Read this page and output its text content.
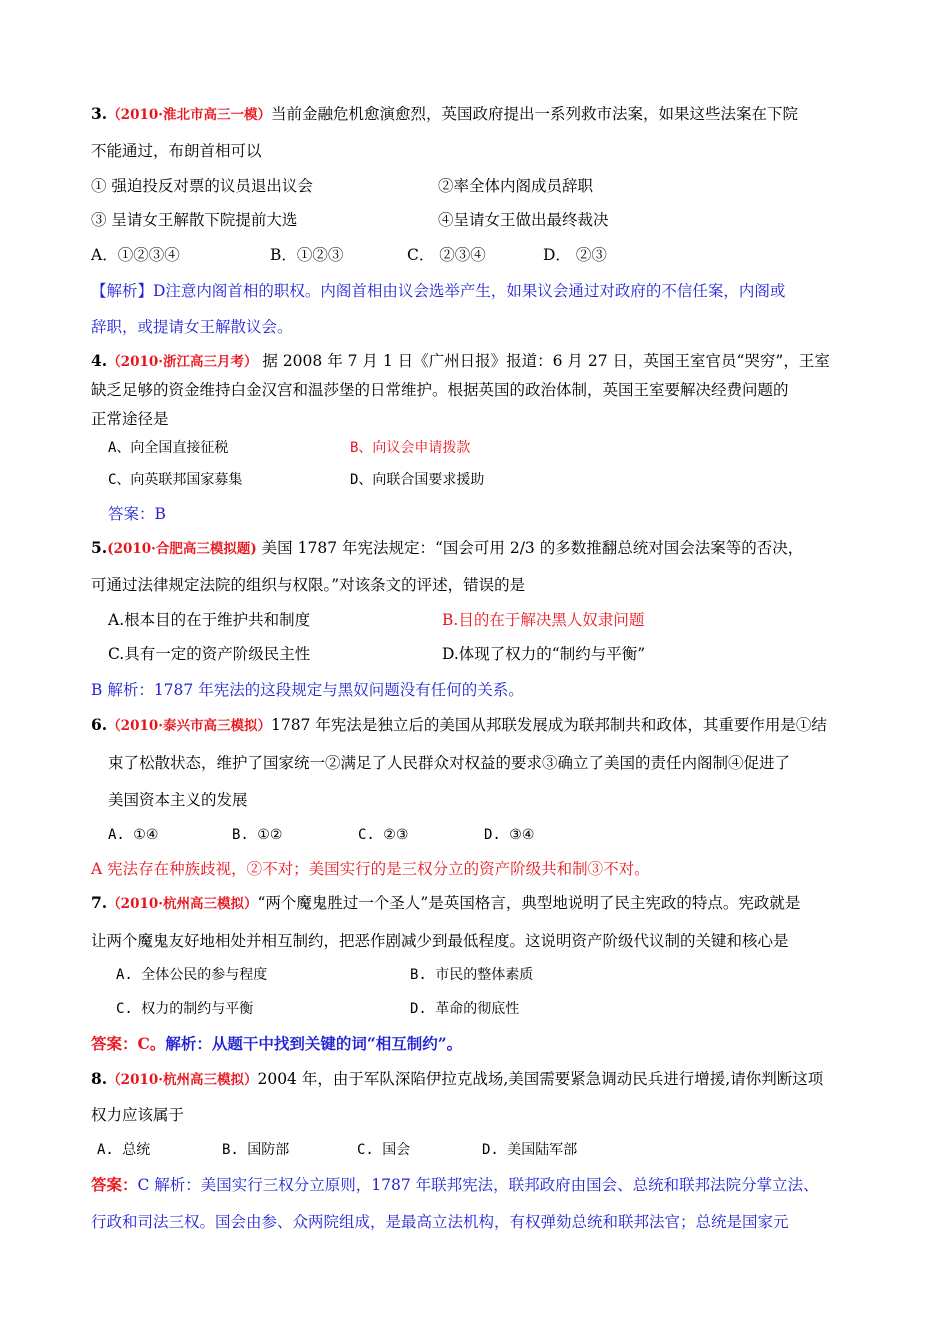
3.（2010·淮北市高三一模）当前金融危机愈演愈烈，英国政府提出一系列救市法案，如果这些法案在下院
不能通过，布朗首相可以
① 强迫投反对票的议员退出议会	②率全体内阁成员辞职
③ 呈请女王解散下院提前大选	④呈请女王做出最终裁决
A．①②③④	B．①②③	C． ②③④	D． ②③
【解析】D注意内阁首相的职权。内阁首相由议会选举产生，如果议会通过对政府的不信任案，内阁或
辞职，或提请女王解散议会。
4.（2010·浙江高三月考） 据 2008 年 7 月 1 日《广州日报》报道：6 月 27 日，英国王室官员“哭穷”，王室
缺乏足够的资金维持白金汉宫和温莎堡的日常维护。根据英国的政治体制，英国王室要解决经费问题的
正常途径是
A、向全国直接征税	B、向议会申请拨款
C、向英联邦国家募集	D、向联合国要求援助
答案：B
5.(2010·合肥高三模拟题) 美国 1787 年宪法规定：“国会可用 2/3 的多数推翻总统对国会法案等的否决，
可通过法律规定法院的组织与权限。”对该条文的评述，错误的是
A.根本目的在于维护共和制度	B.目的在于解决黑人奴隶问题
C.具有一定的资产阶级民主性	D.体现了权力的“制约与平衡”
B 解析：1787 年宪法的这段规定与黑奴问题没有任何的关系。
6.（2010·泰兴市高三模拟）1787 年宪法是独立后的美国从邦联发展成为联邦制共和政体，其重要作用是①结
束了松散状态，维护了国家统一②满足了人民群众对权益的要求③确立了美国的责任内阁制④促进了
美国资本主义的发展
A. ①④	B. ①②	C. ②③	D. ③④
A 宪法存在种族歧视，②不对；美国实行的是三权分立的资产阶级共和制③不对。
7.（2010·杭州高三模拟）“两个魔鬼胜过一个圣人”是英国格言，典型地说明了民主宪政的特点。宪政就是
让两个魔鬼友好地相处并相互制约，把恶作剧减少到最低程度。这说明资产阶级代议制的关键和核心是
A. 全体公民的参与程度	B. 市民的整体素质
C. 权力的制约与平衡	D. 革命的彻底性
答案：C。解析：从题干中找到关键的词“相互制约”。
8.（2010·杭州高三模拟）2004 年，由于军队深陷伊拉克战场,美国需要紧急调动民兵进行增援,请你判断这项
权力应该属于
A. 总统	B. 国防部	C. 国会	D. 美国陆军部
答案：C 解析：美国实行三权分立原则，1787 年联邦宪法，联邦政府由国会、总统和联邦法院分掌立法、
行政和司法三权。国会由参、众两院组成，是最高立法机构，有权弹劾总统和联邦法官；总统是国家元
